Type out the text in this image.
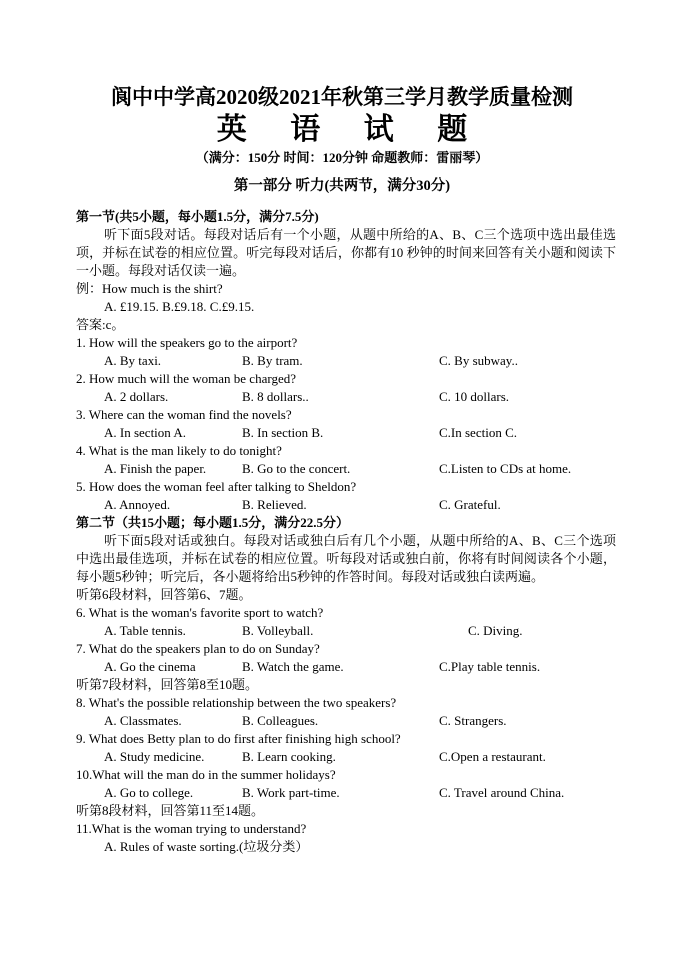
阆中中学高2020级2021年秋第三学月教学质量检测
英 语 试 题
（满分：150分 时间：120分钟 命题教师：雷丽琴）
第一部分 听力(共两节，满分30分)
第一节(共5小题，每小题1.5分，满分7.5分)
听下面5段对话。每段对话后有一个小题，从题中所给的A、B、C三个选项中选出最佳选项，并标在试卷的相应位置。听完每段对话后，你都有10 秒钟的时间来回答有关小题和阅读下一小题。每段对话仅读一遍。
例：How much is the shirt?
A. £19.15. B.£9.18. C.£9.15.
答案:c。
1. How will the speakers go to the airport?
A. By taxi.	B. By tram.	C. By subway..
2. How much will the woman be charged?
A. 2 dollars.	B. 8 dollars..	C. 10 dollars.
3. Where can the woman find the novels?
A. In section A.	B. In section B.	C.In section C.
4. What is the man likely to do tonight?
A. Finish the paper.	B. Go to the concert.	C.Listen to CDs at home.
5. How does the woman feel after talking to Sheldon?
A. Annoyed.	B. Relieved.	C. Grateful.
第二节（共15小题；每小题1.5分，满分22.5分）
听下面5段对话或独白。每段对话或独白后有几个小题，从题中所给的A、B、C三个选项中选出最佳选项，并标在试卷的相应位置。听每段对话或独白前，你将有时间阅读各个小题，每小题5秒钟；听完后，各小题将给出5秒钟的作答时间。每段对话或独白读两遍。
听第6段材料，回答第6、7题。
6. What is the woman's favorite sport to watch?
A. Table tennis.	B. Volleyball.	C. Diving.
7. What do the speakers plan to do on Sunday?
A. Go the cinema	B. Watch the game.	C.Play table tennis.
听第7段材料，回答第8至10题。
8. What's the possible relationship between the two speakers?
A. Classmates.	B. Colleagues.	C. Strangers.
9. What does Betty plan to do first after finishing high school?
A. Study medicine.	B. Learn cooking.	C.Open a restaurant.
10.What will the man do in the summer holidays?
A. Go to college.	B. Work part-time.	C. Travel around China.
听第8段材料，回答第11至14题。
11.What is the woman trying to understand?
A. Rules of waste sorting.(垃圾分类）
